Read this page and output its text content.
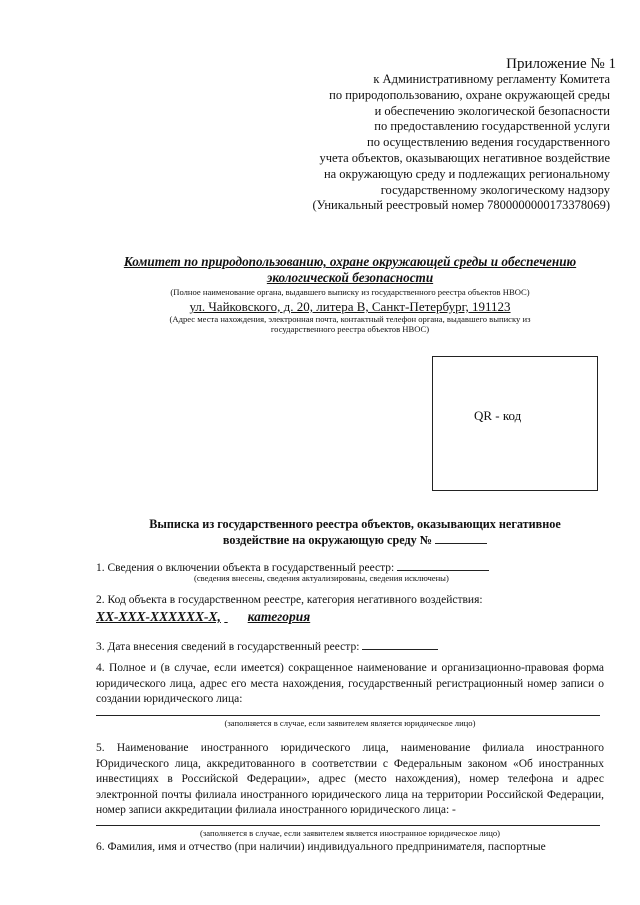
Приложение № 1
к Административному регламенту Комитета
по природопользованию, охране окружающей среды
и обеспечению экологической безопасности
по предоставлению государственной услуги
по осуществлению ведения государственного
учета объектов, оказывающих негативное воздействие
на окружающую среду и подлежащих региональному
государственному экологическому надзору
(Уникальный реестровый номер 7800000000173378069)
Комитет по природопользованию, охране окружающей среды и обеспечению
экологической безопасности
(Полное наименование органа, выдавшего выписку из государственного реестра объектов НВОС)
ул. Чайковского, д. 20, литера В, Санкт-Петербург, 191123
(Адрес места нахождения, электронная почта, контактный телефон органа, выдавшего выписку из
государственного реестра объектов НВОС)
QR - код
Выписка из государственного реестра объектов, оказывающих негативное
воздействие на окружающую среду №
1. Сведения о включении объекта в государственный реестр:
(сведения внесены, сведения актуализированы, сведения исключены)
2. Код объекта в государственном реестре, категория негативного воздействия:
XX-XXX-XXXXXX-X, категория
3. Дата внесения сведений в государственный реестр:
4. Полное и (в случае, если имеется) сокращенное наименование и организационно-правовая форма юридического лица, адрес его места нахождения, государственный регистрационный номер записи о создании юридического лица:
(заполняется в случае, если заявителем является юридическое лицо)
5. Наименование иностранного юридического лица, наименование филиала иностранного Юридического лица, аккредитованного в соответствии с Федеральным законом «Об иностранных инвестициях в Российской Федерации», адрес (место нахождения), номер телефона и адрес электронной почты филиала иностранного юридического лица на территории Российской Федерации, номер записи аккредитации филиала иностранного юридического лица: -
(заполняется в случае, если заявителем является иностранное юридическое лицо)
6. Фамилия, имя и отчество (при наличии) индивидуального предпринимателя, паспортные
